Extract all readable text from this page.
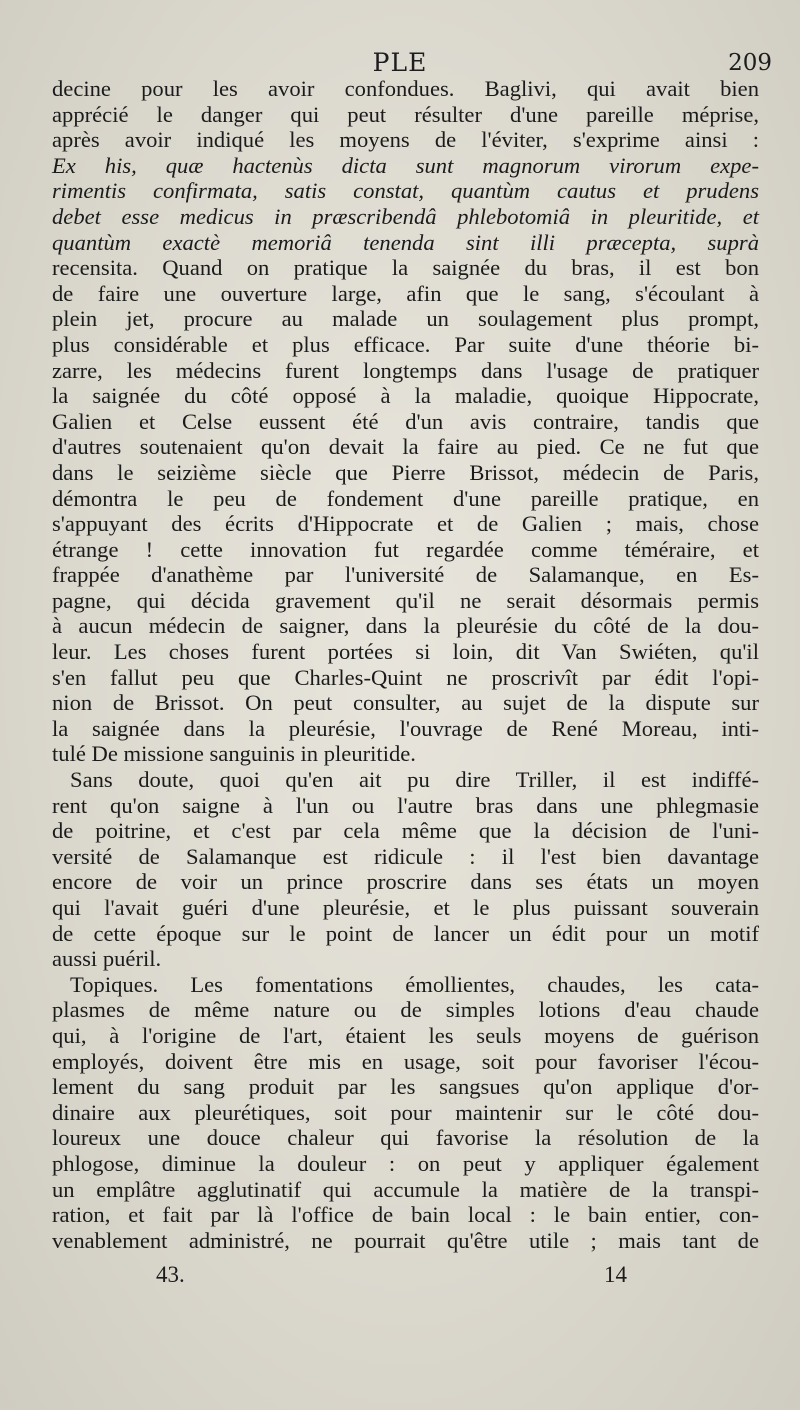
PLE	209
decine pour les avoir confondues. Baglivi, qui avait bien
apprécié le danger qui peut résulter d'une pareille méprise,
après avoir indiqué les moyens de l'éviter, s'exprime ainsi :
Ex his, quæ hactenùs dicta sunt magnorum virorum expe-
rimentis confirmata, satis constat, quantùm cautus et prudens
debet esse medicus in præscribendâ phlebotomiâ in pleuritide, et
quantùm exactè memoriâ tenenda sint illi præcepta, suprà
recensita. Quand on pratique la saignée du bras, il est bon
de faire une ouverture large, afin que le sang, s'écoulant à
plein jet, procure au malade un soulagement plus prompt,
plus considérable et plus efficace. Par suite d'une théorie bi-
zarre, les médecins furent longtemps dans l'usage de pratiquer
la saignée du côté opposé à la maladie, quoique Hippocrate,
Galien et Celse eussent été d'un avis contraire, tandis que
d'autres soutenaient qu'on devait la faire au pied. Ce ne fut que
dans le seizième siècle que Pierre Brissot, médecin de Paris,
démontra le peu de fondement d'une pareille pratique, en
s'appuyant des écrits d'Hippocrate et de Galien ; mais, chose
étrange ! cette innovation fut regardée comme téméraire, et
frappée d'anathème par l'université de Salamanque, en Es-
pagne, qui décida gravement qu'il ne serait désormais permis
à aucun médecin de saigner, dans la pleurésie du côté de la dou-
leur. Les choses furent portées si loin, dit Van Swiéten, qu'il
s'en fallut peu que Charles-Quint ne proscrivît par édit l'opi-
nion de Brissot. On peut consulter, au sujet de la dispute sur
la saignée dans la pleurésie, l'ouvrage de René Moreau, inti-
tulé De missione sanguinis in pleuritide.
Sans doute, quoi qu'en ait pu dire Triller, il est indiffé-
rent qu'on saigne à l'un ou l'autre bras dans une phlegmasie
de poitrine, et c'est par cela même que la décision de l'uni-
versité de Salamanque est ridicule : il l'est bien davantage
encore de voir un prince proscrire dans ses états un moyen
qui l'avait guéri d'une pleurésie, et le plus puissant souverain
de cette époque sur le point de lancer un édit pour un motif
aussi puéril.
Topiques. Les fomentations émollientes, chaudes, les cata-
plasmes de même nature ou de simples lotions d'eau chaude
qui, à l'origine de l'art, étaient les seuls moyens de guérison
employés, doivent être mis en usage, soit pour favoriser l'écou-
lement du sang produit par les sangsues qu'on applique d'or-
dinaire aux pleurétiques, soit pour maintenir sur le côté dou-
loureux une douce chaleur qui favorise la résolution de la
phlogose, diminue la douleur : on peut y appliquer également
un emplâtre agglutinatif qui accumule la matière de la transpi-
ration, et fait par là l'office de bain local : le bain entier, con-
venablement administré, ne pourrait qu'être utile ; mais tant de
43.	14
